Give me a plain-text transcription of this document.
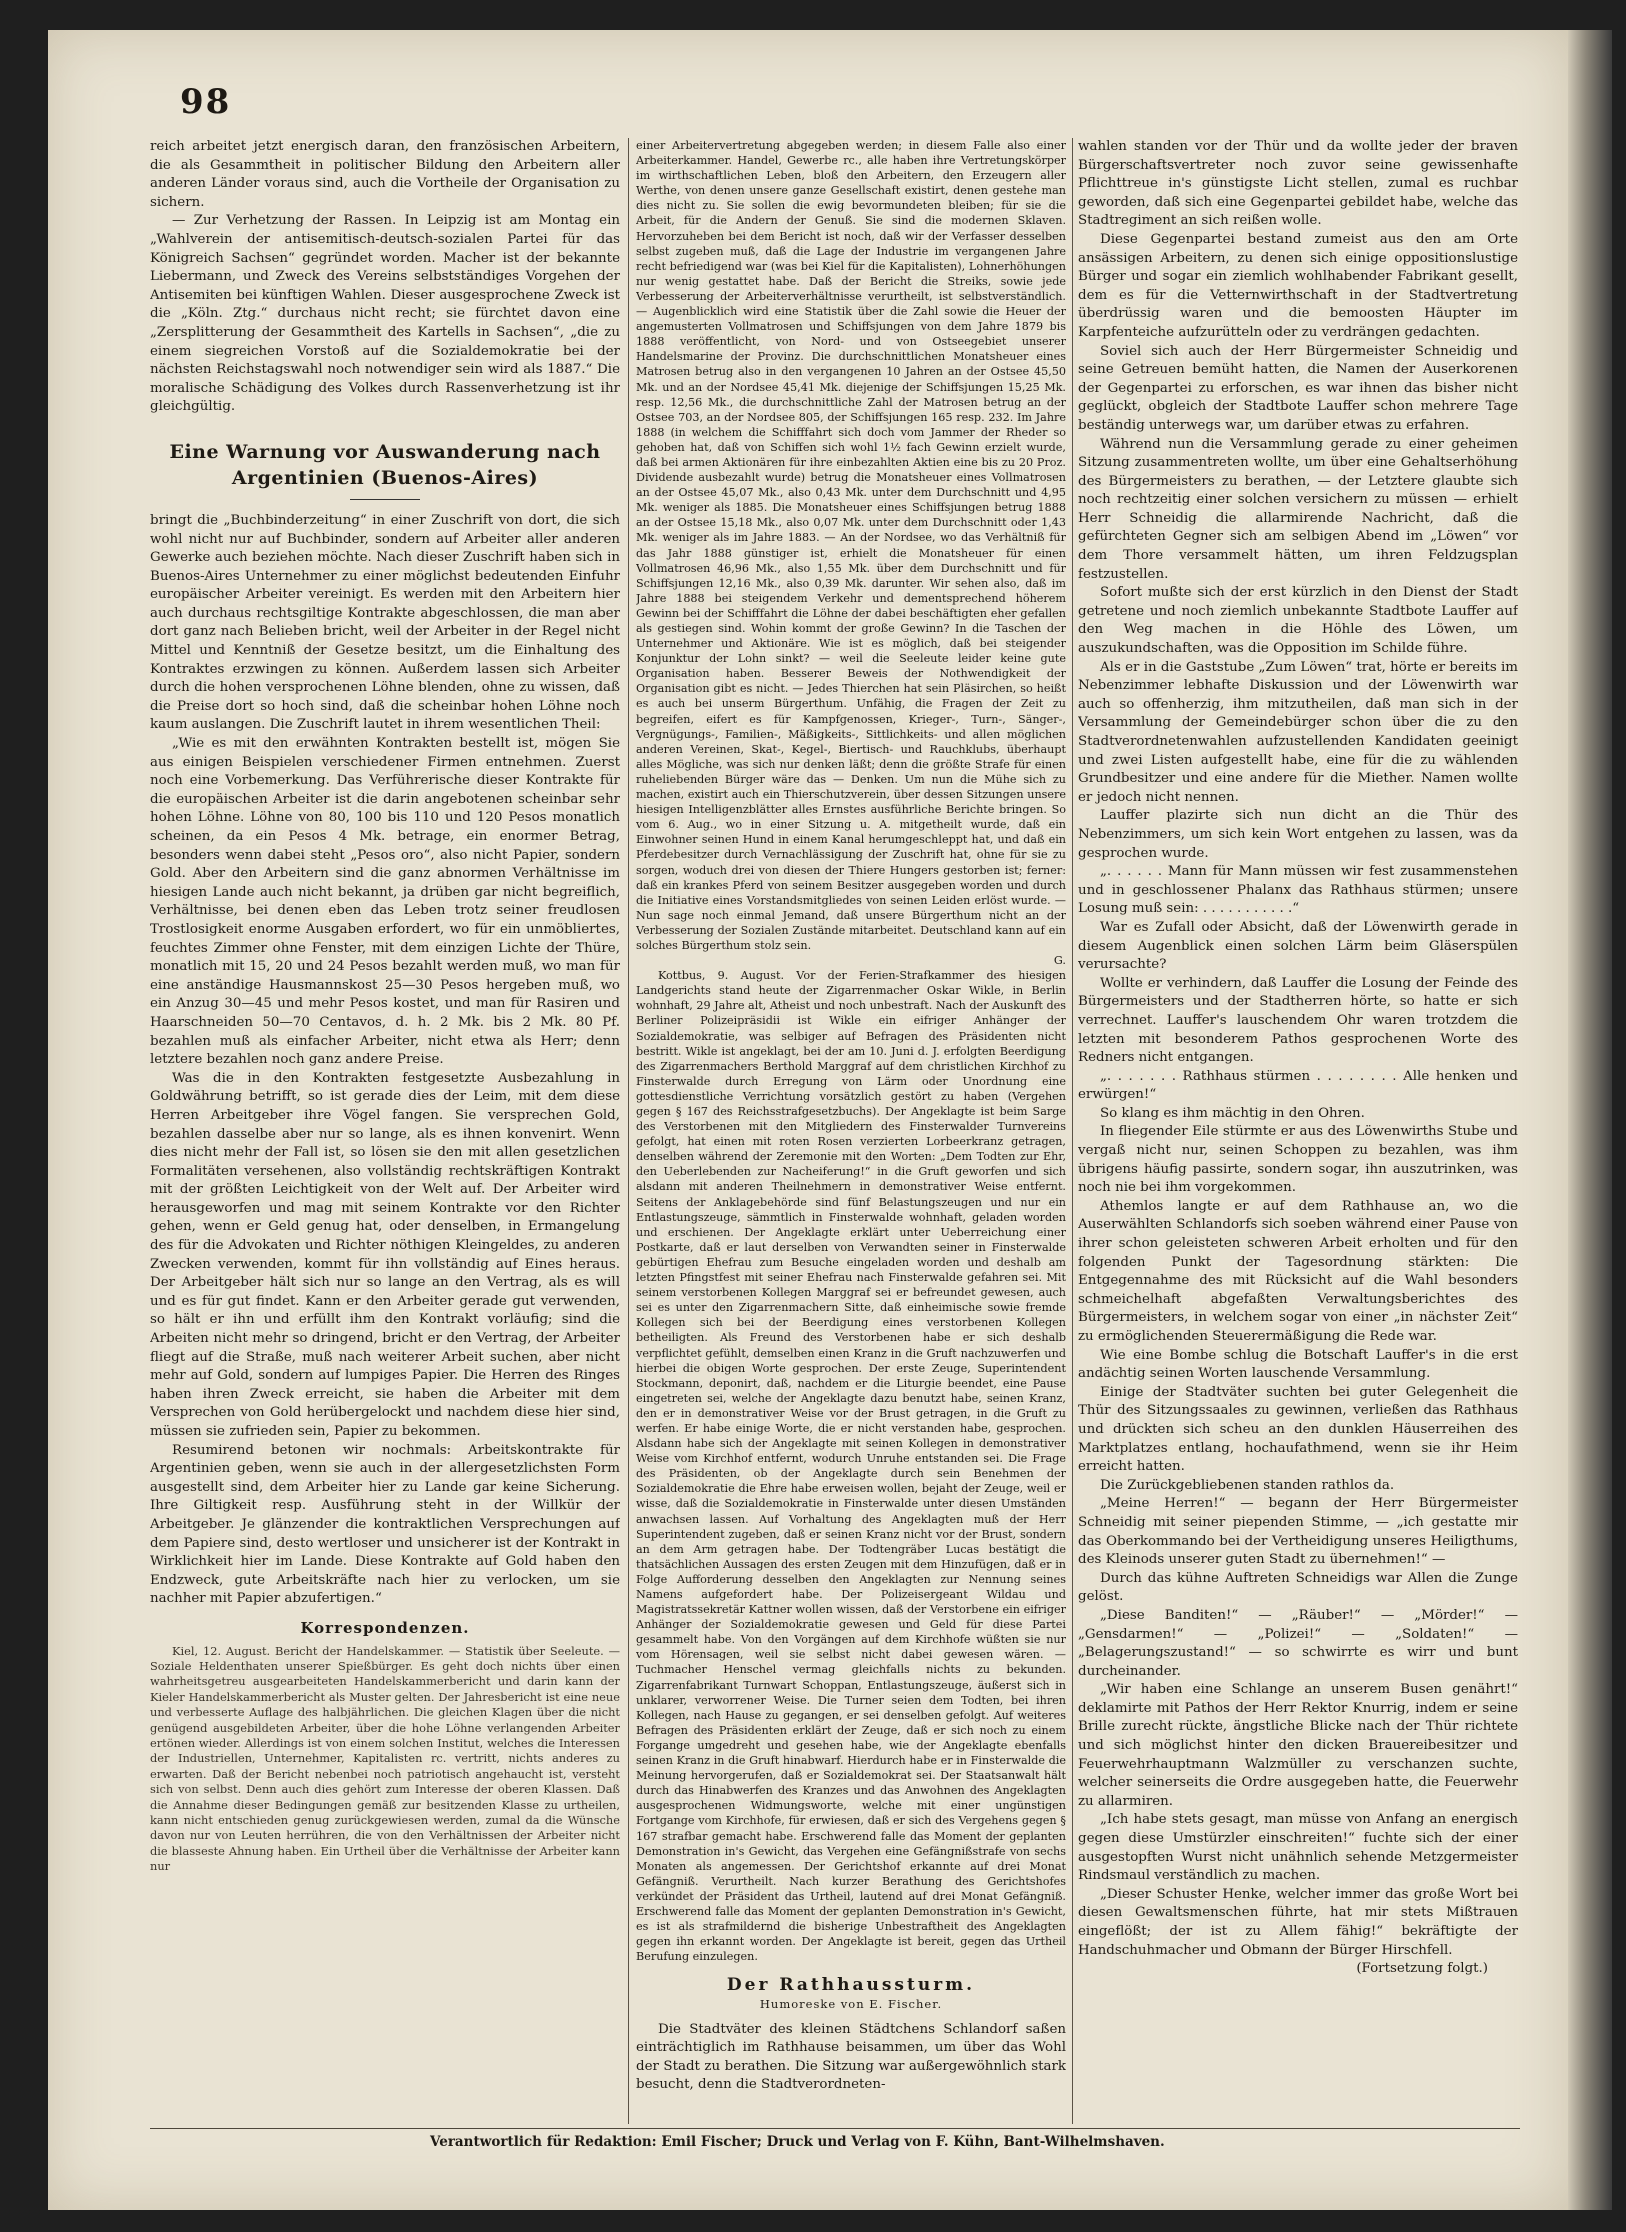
98

reich arbeitet jetzt energisch daran, den französischen Arbeitern, die als Gesammtheit in politischer Bildung den Arbeitern aller anderen Länder voraus sind, auch die Vortheile der Organisation zu sichern.

— Zur Verhetzung der Rassen. In Leipzig ist am Montag ein „Wahlverein der antisemitisch-deutsch-sozialen Partei für das Königreich Sachsen“ gegründet worden. Macher ist der bekannte Liebermann, und Zweck des Vereins selbstständiges Vorgehen der Antisemiten bei künftigen Wahlen. Dieser ausgesprochene Zweck ist die „Köln. Ztg.“ durchaus nicht recht; sie fürchtet davon eine „Zersplitterung der Gesammtheit des Kartells in Sachsen“, „die zu einem siegreichen Vorstoß auf die Sozialdemokratie bei der nächsten Reichstagswahl noch notwendiger sein wird als 1887.“ Die moralische Schädigung des Volkes durch Rassenverhetzung ist ihr gleichgültig.

Eine Warnung vor Auswanderung nach Argentinien (Buenos-Aires)

bringt die „Buchbinderzeitung“ in einer Zuschrift von dort, die sich wohl nicht nur auf Buchbinder, sondern auf Arbeiter aller anderen Gewerke auch beziehen möchte. Nach dieser Zuschrift haben sich in Buenos-Aires Unternehmer zu einer möglichst bedeutenden Einfuhr europäischer Arbeiter vereinigt. Es werden mit den Arbeitern hier auch durchaus rechtsgiltige Kontrakte abgeschlossen, die man aber dort ganz nach Belieben bricht, weil der Arbeiter in der Regel nicht Mittel und Kenntniß der Gesetze besitzt, um die Einhaltung des Kontraktes erzwingen zu können. Außerdem lassen sich Arbeiter durch die hohen versprochenen Löhne blenden, ohne zu wissen, daß die Preise dort so hoch sind, daß die scheinbar hohen Löhne noch kaum auslangen. Die Zuschrift lautet in ihrem wesentlichen Theil:

„Wie es mit den erwähnten Kontrakten bestellt ist, mögen Sie aus einigen Beispielen verschiedener Firmen entnehmen. Zuerst noch eine Vorbemerkung. Das Verführerische dieser Kontrakte für die europäischen Arbeiter ist die darin angebotenen scheinbar sehr hohen Löhne. Löhne von 80, 100 bis 110 und 120 Pesos monatlich scheinen, da ein Pesos 4 Mk. betrage, ein enormer Betrag, besonders wenn dabei steht „Pesos oro“, also nicht Papier, sondern Gold. Aber den Arbeitern sind die ganz abnormen Verhältnisse im hiesigen Lande auch nicht bekannt, ja drüben gar nicht begreiflich, Verhältnisse, bei denen eben das Leben trotz seiner freudlosen Trostlosigkeit enorme Ausgaben erfordert, wo für ein unmöbliertes, feuchtes Zimmer ohne Fenster, mit dem einzigen Lichte der Thüre, monatlich mit 15, 20 und 24 Pesos bezahlt werden muß, wo man für eine anständige Hausmannskost 25—30 Pesos hergeben muß, wo ein Anzug 30—45 und mehr Pesos kostet, und man für Rasiren und Haarschneiden 50—70 Centavos, d. h. 2 Mk. bis 2 Mk. 80 Pf. bezahlen muß als einfacher Arbeiter, nicht etwa als Herr; denn letztere bezahlen noch ganz andere Preise.

Was die in den Kontrakten festgesetzte Ausbezahlung in Goldwährung betrifft, so ist gerade dies der Leim, mit dem diese Herren Arbeitgeber ihre Vögel fangen. Sie versprechen Gold, bezahlen dasselbe aber nur so lange, als es ihnen konvenirt. Wenn dies nicht mehr der Fall ist, so lösen sie den mit allen gesetzlichen Formalitäten versehenen, also vollständig rechtskräftigen Kontrakt mit der größten Leichtigkeit von der Welt auf. Der Arbeiter wird herausgeworfen und mag mit seinem Kontrakte vor den Richter gehen, wenn er Geld genug hat, oder denselben, in Ermangelung des für die Advokaten und Richter nöthigen Kleingeldes, zu anderen Zwecken verwenden, kommt für ihn vollständig auf Eines heraus. Der Arbeitgeber hält sich nur so lange an den Vertrag, als es will und es für gut findet. Kann er den Arbeiter gerade gut verwenden, so hält er ihn und erfüllt ihm den Kontrakt vorläufig; sind die Arbeiten nicht mehr so dringend, bricht er den Vertrag, der Arbeiter fliegt auf die Straße, muß nach weiterer Arbeit suchen, aber nicht mehr auf Gold, sondern auf lumpiges Papier. Die Herren des Ringes haben ihren Zweck erreicht, sie haben die Arbeiter mit dem Versprechen von Gold herübergelockt und nachdem diese hier sind, müssen sie zufrieden sein, Papier zu bekommen.

Resumirend betonen wir nochmals: Arbeitskontrakte für Argentinien geben, wenn sie auch in der allergesetzlichsten Form ausgestellt sind, dem Arbeiter hier zu Lande gar keine Sicherung. Ihre Giltigkeit resp. Ausführung steht in der Willkür der Arbeitgeber. Je glänzender die kontraktlichen Versprechungen auf dem Papiere sind, desto wertloser und unsicherer ist der Kontrakt in Wirklichkeit hier im Lande. Diese Kontrakte auf Gold haben den Endzweck, gute Arbeitskräfte nach hier zu verlocken, um sie nachher mit Papier abzufertigen.“

Korrespondenzen.

Kiel, 12. August. Bericht der Handelskammer. — Statistik über Seeleute. — Soziale Heldenthaten unserer Spießbürger. Es geht doch nichts über einen wahrheitsgetreu ausgearbeiteten Handelskammerbericht und darin kann der Kieler Handelskammerbericht als Muster gelten. Der Jahresbericht ist eine neue und verbesserte Auflage des halbjährlichen. Die gleichen Klagen über die nicht genügend ausgebildeten Arbeiter, über die hohe Löhne verlangenden Arbeiter ertönen wieder. Allerdings ist von einem solchen Institut, welches die Interessen der Industriellen, Unternehmer, Kapitalisten rc. vertritt, nichts anderes zu erwarten. Daß der Bericht nebenbei noch patriotisch angehaucht ist, versteht sich von selbst. Denn auch dies gehört zum Interesse der oberen Klassen. Daß die Annahme dieser Bedingungen gemäß zur besitzenden Klasse zu urtheilen, kann nicht entschieden genug zurückgewiesen werden, zumal da die Wünsche davon nur von Leuten herrühren, die von den Verhältnissen der Arbeiter nicht die blasseste Ahnung haben. Ein Urtheil über die Verhältnisse der Arbeiter kann nur

einer Arbeitervertretung abgegeben werden; in diesem Falle also einer Arbeiterkammer. Handel, Gewerbe rc., alle haben ihre Vertretungskörper im wirthschaftlichen Leben, bloß den Arbeitern, den Erzeugern aller Werthe, von denen unsere ganze Gesellschaft existirt, denen gestehe man dies nicht zu. Sie sollen die ewig bevormundeten bleiben; für sie die Arbeit, für die Andern der Genuß. Sie sind die modernen Sklaven. Hervorzuheben bei dem Bericht ist noch, daß wir der Verfasser desselben selbst zugeben muß, daß die Lage der Industrie im vergangenen Jahre recht befriedigend war (was bei Kiel für die Kapitalisten), Lohnerhöhungen nur wenig gestattet habe. Daß der Bericht die Streiks, sowie jede Verbesserung der Arbeiterverhältnisse verurtheilt, ist selbstverständlich. — Augenblicklich wird eine Statistik über die Zahl sowie die Heuer der angemusterten Vollmatrosen und Schiffsjungen von dem Jahre 1879 bis 1888 veröffentlicht, von Nord- und von Ostseegebiet unserer Handelsmarine der Provinz. Die durchschnittlichen Monatsheuer eines Matrosen betrug also in den vergangenen 10 Jahren an der Ostsee 45,50 Mk. und an der Nordsee 45,41 Mk. diejenige der Schiffsjungen 15,25 Mk. resp. 12,56 Mk., die durchschnittliche Zahl der Matrosen betrug an der Ostsee 703, an der Nordsee 805, der Schiffsjungen 165 resp. 232. Im Jahre 1888 (in welchem die Schifffahrt sich doch vom Jammer der Rheder so gehoben hat, daß von Schiffen sich wohl 1½ fach Gewinn erzielt wurde, daß bei armen Aktionären für ihre einbezahlten Aktien eine bis zu 20 Proz. Dividende ausbezahlt wurde) betrug die Monatsheuer eines Vollmatrosen an der Ostsee 45,07 Mk., also 0,43 Mk. unter dem Durchschnitt und 4,95 Mk. weniger als 1885. Die Monatsheuer eines Schiffsjungen betrug 1888 an der Ostsee 15,18 Mk., also 0,07 Mk. unter dem Durchschnitt oder 1,43 Mk. weniger als im Jahre 1883. — An der Nordsee, wo das Verhältniß für das Jahr 1888 günstiger ist, erhielt die Monatsheuer für einen Vollmatrosen 46,96 Mk., also 1,55 Mk. über dem Durchschnitt und für Schiffsjungen 12,16 Mk., also 0,39 Mk. darunter. Wir sehen also, daß im Jahre 1888 bei steigendem Verkehr und dementsprechend höherem Gewinn bei der Schifffahrt die Löhne der dabei beschäftigten eher gefallen als gestiegen sind. Wohin kommt der große Gewinn? In die Taschen der Unternehmer und Aktionäre. Wie ist es möglich, daß bei steigender Konjunktur der Lohn sinkt? — weil die Seeleute leider keine gute Organisation haben. Besserer Beweis der Nothwendigkeit der Organisation gibt es nicht. — Jedes Thierchen hat sein Pläsirchen, so heißt es auch bei unserm Bürgerthum. Unfähig, die Fragen der Zeit zu begreifen, eifert es für Kampfgenossen, Krieger-, Turn-, Sänger-, Vergnügungs-, Familien-, Mäßigkeits-, Sittlichkeits- und allen möglichen anderen Vereinen, Skat-, Kegel-, Biertisch- und Rauchklubs, überhaupt alles Mögliche, was sich nur denken läßt; denn die größte Strafe für einen ruheliebenden Bürger wäre das — Denken. Um nun die Mühe sich zu machen, existirt auch ein Thierschutzverein, über dessen Sitzungen unsere hiesigen Intelligenzblätter alles Ernstes ausführliche Berichte bringen. So vom 6. Aug., wo in einer Sitzung u. A. mitgetheilt wurde, daß ein Einwohner seinen Hund in einem Kanal herumgeschleppt hat, und daß ein Pferdebesitzer durch Vernachlässigung der Zuschrift hat, ohne für sie zu sorgen, woduch drei von diesen der Thiere Hungers gestorben ist; ferner: daß ein krankes Pferd von seinem Besitzer ausgegeben worden und durch die Initiative eines Vorstandsmitgliedes von seinen Leiden erlöst wurde. — Nun sage noch einmal Jemand, daß unsere Bürgerthum nicht an der Verbesserung der Sozialen Zustände mitarbeitet. Deutschland kann auf ein solches Bürgerthum stolz sein.

G.

Kottbus, 9. August. Vor der Ferien-Strafkammer des hiesigen Landgerichts stand heute der Zigarrenmacher Oskar Wikle, in Berlin wohnhaft, 29 Jahre alt, Atheist und noch unbestraft. Nach der Auskunft des Berliner Polizeipräsidii ist Wikle ein eifriger Anhänger der Sozialdemokratie, was selbiger auf Befragen des Präsidenten nicht bestritt. Wikle ist angeklagt, bei der am 10. Juni d. J. erfolgten Beerdigung des Zigarrenmachers Berthold Marggraf auf dem christlichen Kirchhof zu Finsterwalde durch Erregung von Lärm oder Unordnung eine gottesdienstliche Verrichtung vorsätzlich gestört zu haben (Vergehen gegen § 167 des Reichsstrafgesetzbuchs). Der Angeklagte ist beim Sarge des Verstorbenen mit den Mitgliedern des Finsterwalder Turnvereins gefolgt, hat einen mit roten Rosen verzierten Lorbeerkranz getragen, denselben während der Zeremonie mit den Worten: „Dem Todten zur Ehr, den Ueberlebenden zur Nacheiferung!“ in die Gruft geworfen und sich alsdann mit anderen Theilnehmern in demonstrativer Weise entfernt. Seitens der Anklagebehörde sind fünf Belastungszeugen und nur ein Entlastungszeuge, sämmtlich in Finsterwalde wohnhaft, geladen worden und erschienen. Der Angeklagte erklärt unter Ueberreichung einer Postkarte, daß er laut derselben von Verwandten seiner in Finsterwalde gebürtigen Ehefrau zum Besuche eingeladen worden und deshalb am letzten Pfingstfest mit seiner Ehefrau nach Finsterwalde gefahren sei. Mit seinem verstorbenen Kollegen Marggraf sei er befreundet gewesen, auch sei es unter den Zigarrenmachern Sitte, daß einheimische sowie fremde Kollegen sich bei der Beerdigung eines verstorbenen Kollegen betheiligten. Als Freund des Verstorbenen habe er sich deshalb verpflichtet gefühlt, demselben einen Kranz in die Gruft nachzuwerfen und hierbei die obigen Worte gesprochen. Der erste Zeuge, Superintendent Stockmann, deponirt, daß, nachdem er die Liturgie beendet, eine Pause eingetreten sei, welche der Angeklagte dazu benutzt habe, seinen Kranz, den er in demonstrativer Weise vor der Brust getragen, in die Gruft zu werfen. Er habe einige Worte, die er nicht verstanden habe, gesprochen. Alsdann habe sich der Angeklagte mit seinen Kollegen in demonstrativer Weise vom Kirchhof entfernt, wodurch Unruhe entstanden sei. Die Frage des Präsidenten, ob der Angeklagte durch sein Benehmen der Sozialdemokratie die Ehre habe erweisen wollen, bejaht der Zeuge, weil er wisse, daß die Sozialdemokratie in Finsterwalde unter diesen Umständen anwachsen lassen. Auf Vorhaltung des Angeklagten muß der Herr Superintendent zugeben, daß er seinen Kranz nicht vor der Brust, sondern an dem Arm getragen habe. Der Todtengräber Lucas bestätigt die thatsächlichen Aussagen des ersten Zeugen mit dem Hinzufügen, daß er in Folge Aufforderung desselben den Angeklagten zur Nennung seines Namens aufgefordert habe. Der Polizeisergeant Wildau und Magistratssekretär Kattner wollen wissen, daß der Verstorbene ein eifriger Anhänger der Sozialdemokratie gewesen und Geld für diese Partei gesammelt habe. Von den Vorgängen auf dem Kirchhofe wüßten sie nur vom Hörensagen, weil sie selbst nicht dabei gewesen wären. — Tuchmacher Henschel vermag gleichfalls nichts zu bekunden. Zigarrenfabrikant Turnwart Schoppan, Entlastungszeuge, äußerst sich in unklarer, verworrener Weise. Die Turner seien dem Todten, bei ihren Kollegen, nach Hause zu gegangen, er sei denselben gefolgt. Auf weiteres Befragen des Präsidenten erklärt der Zeuge, daß er sich noch zu einem Forgange umgedreht und gesehen habe, wie der Angeklagte ebenfalls seinen Kranz in die Gruft hinabwarf. Hierdurch habe er in Finsterwalde die Meinung hervorgerufen, daß er Sozialdemokrat sei. Der Staatsanwalt hält durch das Hinabwerfen des Kranzes und das Anwohnen des Angeklagten ausgesprochenen Widmungsworte, welche mit einer ungünstigen Fortgange vom Kirchhofe, für erwiesen, daß er sich des Vergehens gegen § 167 strafbar gemacht habe. Erschwerend falle das Moment der geplanten Demonstration in's Gewicht, das Vergehen eine Gefängnißstrafe von sechs Monaten als angemessen. Der Gerichtshof erkannte auf drei Monat Gefängniß. Verurtheilt. Nach kurzer Berathung des Gerichtshofes verkündet der Präsident das Urtheil, lautend auf drei Monat Gefängniß. Erschwerend falle das Moment der geplanten Demonstration in's Gewicht, es ist als strafmildernd die bisherige Unbestraftheit des Angeklagten gegen ihn erkannt worden. Der Angeklagte ist bereit, gegen das Urtheil Berufung einzulegen.

Der Rathhaussturm.
Humoreske von E. Fischer.

Die Stadtväter des kleinen Städtchens Schlandorf saßen einträchtiglich im Rathhause beisammen, um über das Wohl der Stadt zu berathen. Die Sitzung war außergewöhnlich stark besucht, denn die Stadtverordneten-

wahlen standen vor der Thür und da wollte jeder der braven Bürgerschaftsvertreter noch zuvor seine gewissenhafte Pflichttreue in's günstigste Licht stellen, zumal es ruchbar geworden, daß sich eine Gegenpartei gebildet habe, welche das Stadtregiment an sich reißen wolle.

Diese Gegenpartei bestand zumeist aus den am Orte ansässigen Arbeitern, zu denen sich einige oppositionslustige Bürger und sogar ein ziemlich wohlhabender Fabrikant gesellt, dem es für die Vetternwirthschaft in der Stadtvertretung überdrüssig waren und die bemoosten Häupter im Karpfenteiche aufzurütteln oder zu verdrängen gedachten.

Soviel sich auch der Herr Bürgermeister Schneidig und seine Getreuen bemüht hatten, die Namen der Auserkorenen der Gegenpartei zu erforschen, es war ihnen das bisher nicht geglückt, obgleich der Stadtbote Lauffer schon mehrere Tage beständig unterwegs war, um darüber etwas zu erfahren.

Während nun die Versammlung gerade zu einer geheimen Sitzung zusammentreten wollte, um über eine Gehaltserhöhung des Bürgermeisters zu berathen, — der Letztere glaubte sich noch rechtzeitig einer solchen versichern zu müssen — erhielt Herr Schneidig die allarmirende Nachricht, daß die gefürchteten Gegner sich am selbigen Abend im „Löwen“ vor dem Thore versammelt hätten, um ihren Feldzugsplan festzustellen.

Sofort mußte sich der erst kürzlich in den Dienst der Stadt getretene und noch ziemlich unbekannte Stadtbote Lauffer auf den Weg machen in die Höhle des Löwen, um auszukundschaften, was die Opposition im Schilde führe.

Als er in die Gaststube „Zum Löwen“ trat, hörte er bereits im Nebenzimmer lebhafte Diskussion und der Löwenwirth war auch so offenherzig, ihm mitzutheilen, daß man sich in der Versammlung der Gemeindebürger schon über die zu den Stadtverordnetenwahlen aufzustellenden Kandidaten geeinigt und zwei Listen aufgestellt habe, eine für die zu wählenden Grundbesitzer und eine andere für die Miether. Namen wollte er jedoch nicht nennen.

Lauffer plazirte sich nun dicht an die Thür des Nebenzimmers, um sich kein Wort entgehen zu lassen, was da gesprochen wurde.

„. . . . . . Mann für Mann müssen wir fest zusammenstehen und in geschlossener Phalanx das Rathhaus stürmen; unsere Losung muß sein: . . . . . . . . . . .“

War es Zufall oder Absicht, daß der Löwenwirth gerade in diesem Augenblick einen solchen Lärm beim Gläserspülen verursachte?

Wollte er verhindern, daß Lauffer die Losung der Feinde des Bürgermeisters und der Stadtherren hörte, so hatte er sich verrechnet. Lauffer's lauschendem Ohr waren trotzdem die letzten mit besonderem Pathos gesprochenen Worte des Redners nicht entgangen.

„. . . . . . . Rathhaus stürmen . . . . . . . . Alle henken und erwürgen!“

So klang es ihm mächtig in den Ohren.

In fliegender Eile stürmte er aus des Löwenwirths Stube und vergaß nicht nur, seinen Schoppen zu bezahlen, was ihm übrigens häufig passirte, sondern sogar, ihn auszutrinken, was noch nie bei ihm vorgekommen.

Athemlos langte er auf dem Rathhause an, wo die Auserwählten Schlandorfs sich soeben während einer Pause von ihrer schon geleisteten schweren Arbeit erholten und für den folgenden Punkt der Tagesordnung stärkten: Die Entgegennahme des mit Rücksicht auf die Wahl besonders schmeichelhaft abgefaßten Verwaltungsberichtes des Bürgermeisters, in welchem sogar von einer „in nächster Zeit“ zu ermöglichenden Steuerermäßigung die Rede war.

Wie eine Bombe schlug die Botschaft Lauffer's in die erst andächtig seinen Worten lauschende Versammlung.

Einige der Stadtväter suchten bei guter Gelegenheit die Thür des Sitzungssaales zu gewinnen, verließen das Rathhaus und drückten sich scheu an den dunklen Häuserreihen des Marktplatzes entlang, hochaufathmend, wenn sie ihr Heim erreicht hatten.

Die Zurückgebliebenen standen rathlos da.

„Meine Herren!“ — begann der Herr Bürgermeister Schneidig mit seiner piependen Stimme, — „ich gestatte mir das Oberkommando bei der Vertheidigung unseres Heiligthums, des Kleinods unserer guten Stadt zu übernehmen!“ —

Durch das kühne Auftreten Schneidigs war Allen die Zunge gelöst.

„Diese Banditen!“ — „Räuber!“ — „Mörder!“ — „Gensdarmen!“ — „Polizei!“ — „Soldaten!“ — „Belagerungszustand!“ — so schwirrte es wirr und bunt durcheinander.

„Wir haben eine Schlange an unserem Busen genährt!“ deklamirte mit Pathos der Herr Rektor Knurrig, indem er seine Brille zurecht rückte, ängstliche Blicke nach der Thür richtete und sich möglichst hinter den dicken Brauereibesitzer und Feuerwehrhauptmann Walzmüller zu verschanzen suchte, welcher seinerseits die Ordre ausgegeben hatte, die Feuerwehr zu allarmiren.

„Ich habe stets gesagt, man müsse von Anfang an energisch gegen diese Umstürzler einschreiten!“ fuchte sich der einer ausgestopften Wurst nicht unähnlich sehende Metzgermeister Rindsmaul verständlich zu machen.

„Dieser Schuster Henke, welcher immer das große Wort bei diesen Gewaltsmenschen führte, hat mir stets Mißtrauen eingeflößt; der ist zu Allem fähig!“ bekräftigte der Handschuhmacher und Obmann der Bürger Hirschfell.

(Fortsetzung folgt.)

Verantwortlich für Redaktion: Emil Fischer; Druck und Verlag von F. Kühn, Bant-Wilhelmshaven.
